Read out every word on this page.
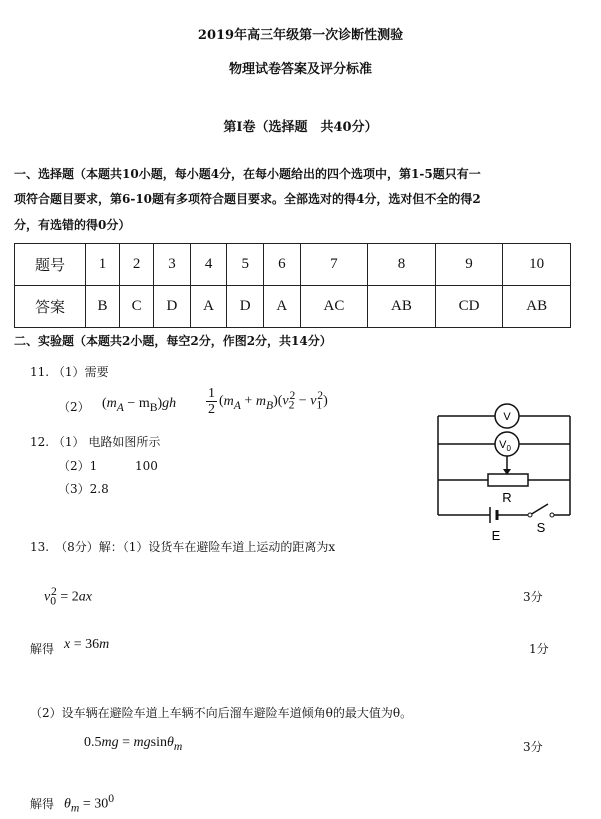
2019年高三年级第一次诊断性测验
物理试卷答案及评分标准
第Ⅰ卷（选择题　共40分）
一、选择题（本题共10小题，每小题4分，在每小题给出的四个选项中，第1-5题只有一
项符合题目要求，第6-10题有多项符合题目要求。全部选对的得4分，选对但不全的得2
分，有选错的得0分）
题号	1	2	3	4	5	6	7	8	9	10
答案	B	C	D	A	D	A	AC	AB	CD	AB
二、实验题（本题共2小题，每空2分，作图2分，共14分）
11. （1）需要
（2） $(m_A - m_B)gh \frac{1}{2} (m_A + m_B)(v_2^2 - v_1^2)$
12. （1） 电路如图所示
（2）1	100
（3）2.8
V
$V_0$
R
E
S
13.　（8分）解：（1）设货车在避险车道上运动的距离为x
$v_0^2 = 2ax$	3分
解得 x = 36m	1分
（2）设车辆在避险车道上车辆不向后溜车避险车道倾角θ的最大值为θ。
0.5mg = mgsinθ$_m$	3分
解得 $\theta_m = 30^0$
